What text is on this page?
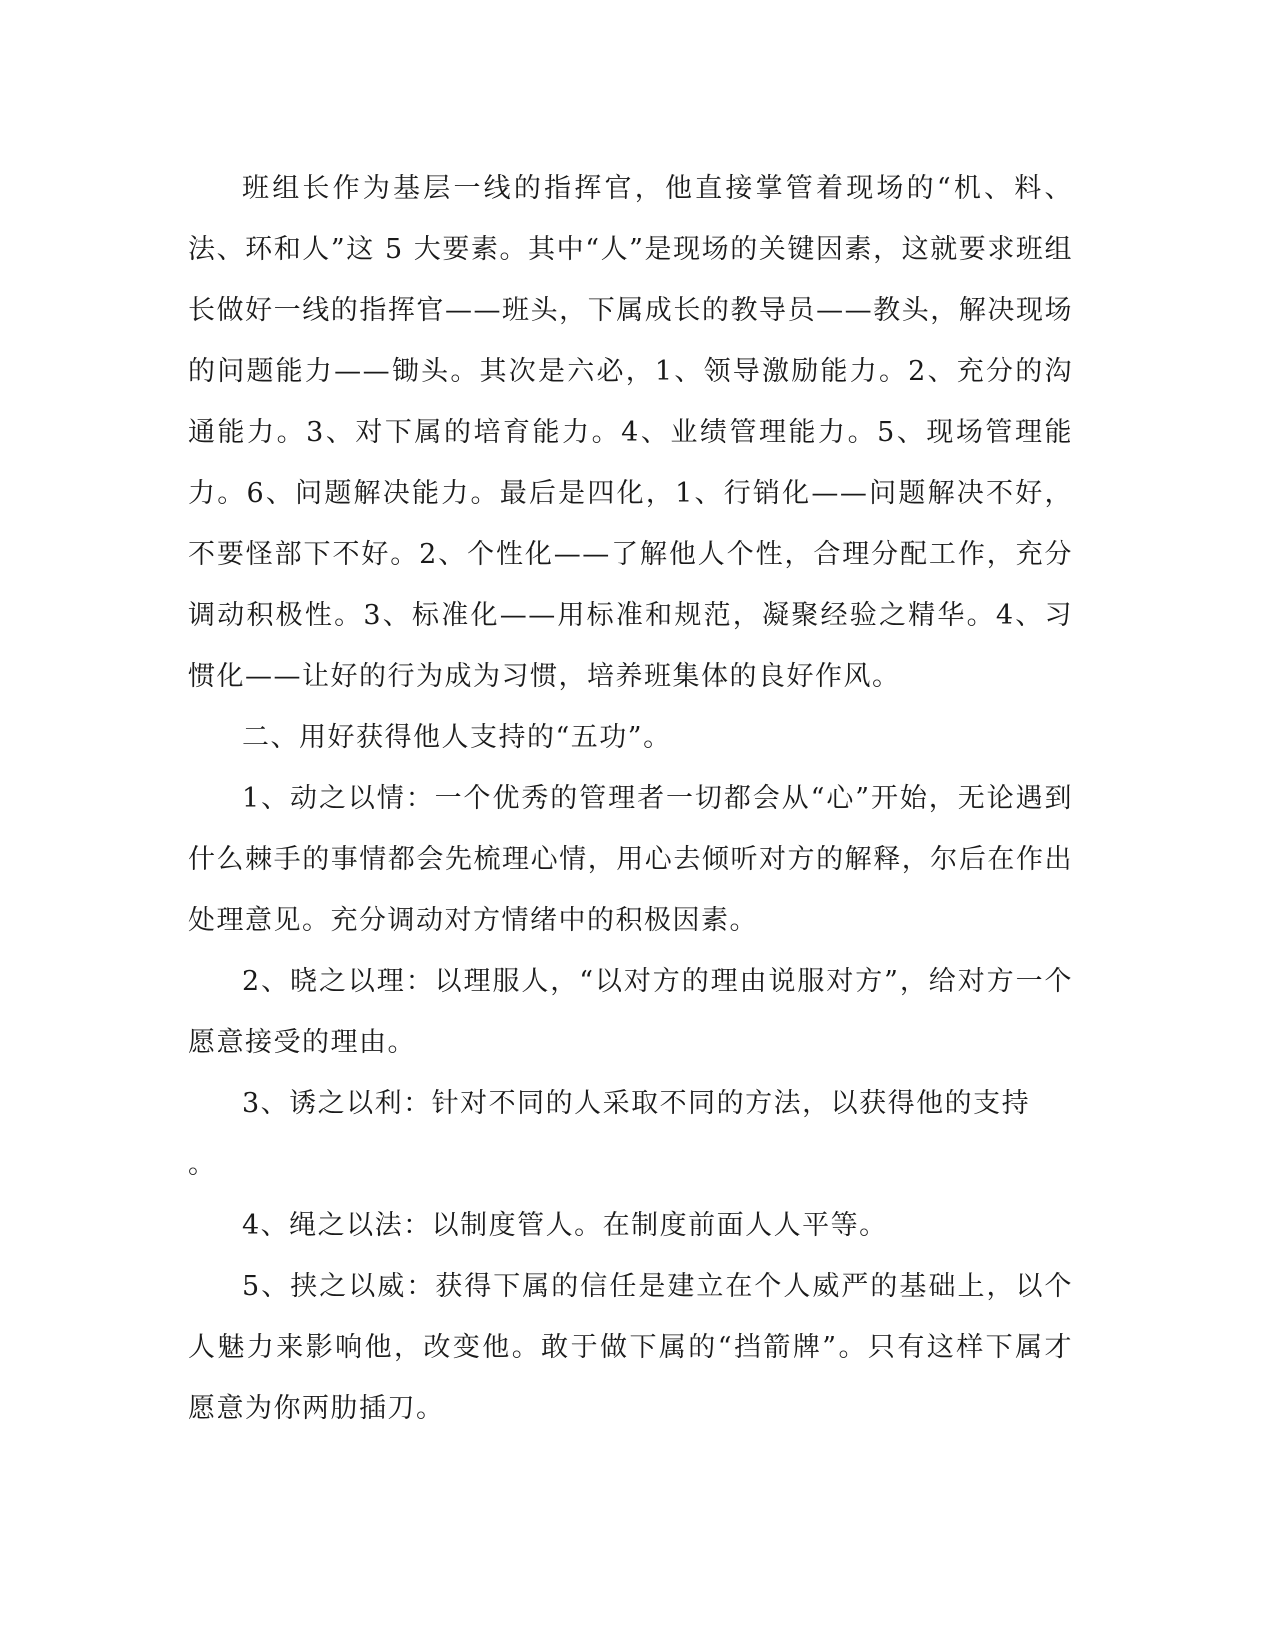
班组长作为基层一线的指挥官，他直接掌管着现场的“机、料、法、环和人”这 5 大要素。其中“人”是现场的关键因素，这就要求班组长做好一线的指挥官——班头，下属成长的教导员——教头，解决现场的问题能力——锄头。其次是六必，1、领导激励能力。2、充分的沟通能力。3、对下属的培育能力。4、业绩管理能力。5、现场管理能力。6、问题解决能力。最后是四化，1、行销化——问题解决不好，不要怪部下不好。2、个性化——了解他人个性，合理分配工作，充分调动积极性。3、标准化——用标准和规范，凝聚经验之精华。4、习惯化——让好的行为成为习惯，培养班集体的良好作风。

二、用好获得他人支持的“五功”。

1、动之以情：一个优秀的管理者一切都会从“心”开始，无论遇到什么棘手的事情都会先梳理心情，用心去倾听对方的解释，尔后在作出处理意见。充分调动对方情绪中的积极因素。

2、晓之以理：以理服人，“以对方的理由说服对方”，给对方一个愿意接受的理由。

3、诱之以利：针对不同的人采取不同的方法，以获得他的支持

。

4、绳之以法：以制度管人。在制度前面人人平等。

5、挟之以威：获得下属的信任是建立在个人威严的基础上，以个人魅力来影响他，改变他。敢于做下属的“挡箭牌”。只有这样下属才愿意为你两肋插刀。
